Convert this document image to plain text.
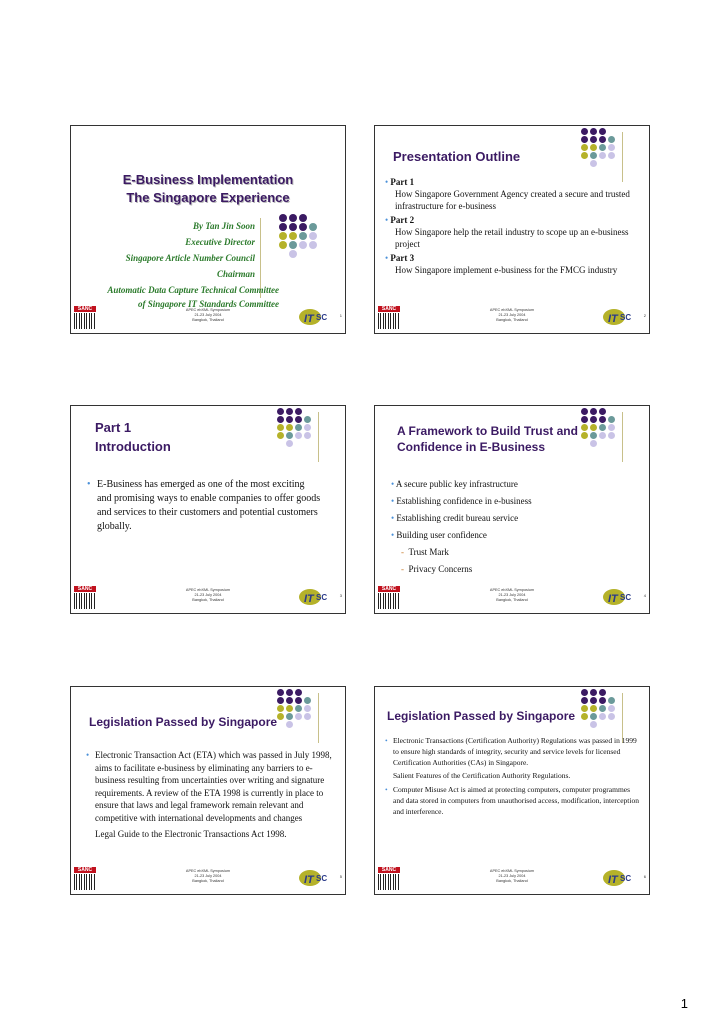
E-Business Implementation
The Singapore Experience
By Tan Jin Soon
Executive Director
Singapore Article Number Council
Chairman
Automatic Data Capture Technical Committee
of Singapore IT Standards Committee
SANC	APEC ebXML Symposium
21-23 July 2004
Bangkok, Thailand	IT SC	1
Presentation Outline
• Part 1
How Singapore Government Agency created a secure and trusted infrastructure for e-business
• Part 2
How Singapore help the retail industry to scope up an e-business project
• Part 3
How Singapore implement e-business for the FMCG industry
SANC	APEC ebXML Symposium
21-23 July 2004
Bangkok, Thailand	IT SC	2
Part 1
Introduction
• E-Business has emerged as one of the most exciting and promising ways to enable companies to offer goods and services to their customers and potential customers globally.
SANC	APEC ebXML Symposium
21-23 July 2004
Bangkok, Thailand	IT SC	3
A Framework to Build Trust and
Confidence in E-Business
• A secure public key infrastructure
• Establishing confidence in e-business
• Establishing credit bureau service
• Building user confidence
- Trust Mark
- Privacy Concerns
SANC	APEC ebXML Symposium
21-23 July 2004
Bangkok, Thailand	IT SC	4
Legislation Passed by Singapore
• Electronic Transaction Act (ETA) which was passed in July 1998, aims to facilitate e-business by eliminating any barriers to e-business resulting from uncertainties over writing and signature requirements. A review of the ETA 1998 is currently in place to ensure that laws and legal framework remain relevant and competitive with international developments and changes
Legal Guide to the Electronic Transactions Act 1998.
SANC	APEC ebXML Symposium
21-23 July 2004
Bangkok, Thailand	IT SC	5
Legislation Passed by Singapore
• Electronic Transactions (Certification Authority) Regulations was passed in 1999 to ensure high standards of integrity, security and service levels for licensed Certification Authorities (CAs) in Singapore.
Salient Features of the Certification Authority Regulations.
• Computer Misuse Act is aimed at protecting computers, computer programmes and data stored in computers from unauthorised access, modification, interception and interference.
SANC	APEC ebXML Symposium
21-23 July 2004
Bangkok, Thailand	IT SC	6
1
